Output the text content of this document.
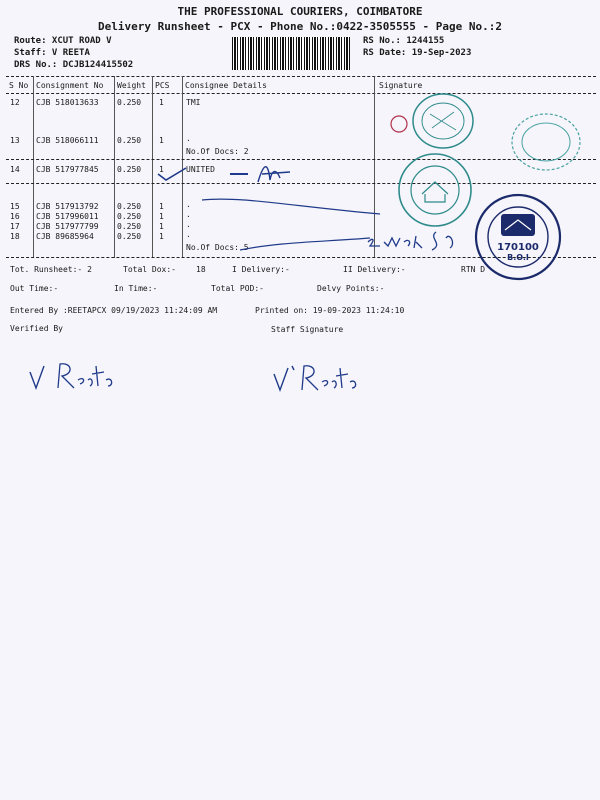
THE PROFESSIONAL COURIERS, COIMBATORE
Delivery Runsheet - PCX - Phone No.:0422-3505555 - Page No.:2
Route: XCUT ROAD V
Staff: V REETA
DRS No.: DCJB124415502
RS No.: 1244155
RS Date: 19-Sep-2023
S No Consignment No Weight PCS Consignee Details	Signature
12 CJB 518013633 0.250 1	TMI
13 CJB 518066111 0.250 1	.
No.Of Docs: 2
14 CJB 517977845 0.250 1	UNITED
15 CJB 517913792 0.250 1	.
16 CJB 517996011 0.250 1	.
17 CJB 517977799 0.250 1	.
18 CJB 89685964	0.250 1	.
No.Of Docs: 5
Tot. Runsheet:- 2	Total Dox:-	18	I Delivery:-	II Delivery:-	RTN D
Out Time:-	In Time:-	Total POD:-	Delvy Points:-
Entered By :REETAPCX 09/19/2023 11:24:09 AM	Printed on: 19-09-2023 11:24:10
Verified By	Staff Signature
170100
B.O.I
